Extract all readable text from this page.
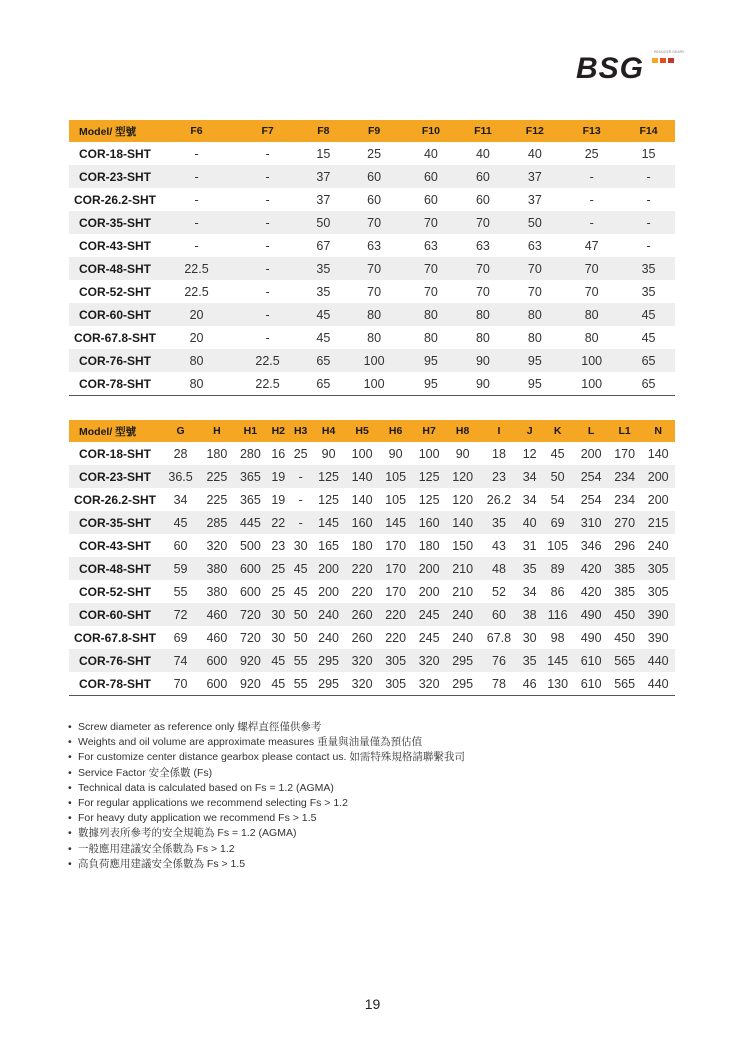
BSG	REDUCER GEARS
Model/ 型號	F6	F7	F8	F9	F10	F11	F12	F13	F14
COR-18-SHT	-	-	15	25	40	40	40	25	15
COR-23-SHT	-	-	37	60	60	60	37	-	-
COR-26.2-SHT	-	-	37	60	60	60	37	-	-
COR-35-SHT	-	-	50	70	70	70	50	-	-
COR-43-SHT	-	-	67	63	63	63	63	47	-
COR-48-SHT	22.5	-	35	70	70	70	70	70	35
COR-52-SHT	22.5	-	35	70	70	70	70	70	35
COR-60-SHT	20	-	45	80	80	80	80	80	45
COR-67.8-SHT	20	-	45	80	80	80	80	80	45
COR-76-SHT	80	22.5	65	100	95	90	95	100	65
COR-78-SHT	80	22.5	65	100	95	90	95	100	65
Model/ 型號	G	H	H1	H2	H3	H4	H5	H6	H7	H8	I	J	K	L	L1	N
COR-18-SHT	28	180	280	16	25	90	100	90	100	90	18	12	45	200	170	140
COR-23-SHT	36.5	225	365	19	-	125	140	105	125	120	23	34	50	254	234	200
COR-26.2-SHT	34	225	365	19	-	125	140	105	125	120	26.2	34	54	254	234	200
COR-35-SHT	45	285	445	22	-	145	160	145	160	140	35	40	69	310	270	215
COR-43-SHT	60	320	500	23	30	165	180	170	180	150	43	31	105	346	296	240
COR-48-SHT	59	380	600	25	45	200	220	170	200	210	48	35	89	420	385	305
COR-52-SHT	55	380	600	25	45	200	220	170	200	210	52	34	86	420	385	305
COR-60-SHT	72	460	720	30	50	240	260	220	245	240	60	38	116	490	450	390
COR-67.8-SHT	69	460	720	30	50	240	260	220	245	240	67.8	30	98	490	450	390
COR-76-SHT	74	600	920	45	55	295	320	305	320	295	76	35	145	610	565	440
COR-78-SHT	70	600	920	45	55	295	320	305	320	295	78	46	130	610	565	440
• Screw diameter as reference only 螺桿直徑僅供參考
• Weights and oil volume are approximate measures 重量與油量僅為預估值
• For customize center distance gearbox please contact us. 如需特殊規格請聯繫我司
• Service Factor 安全係數 (Fs)
• Technical data is calculated based on Fs = 1.2 (AGMA)
• For regular applications we recommend selecting Fs > 1.2
• For heavy duty application we recommend Fs > 1.5
• 數據列表所參考的安全規範為 Fs = 1.2 (AGMA)
• 一般應用建議安全係數為 Fs > 1.2
• 高負荷應用建議安全係數為 Fs > 1.5
19
